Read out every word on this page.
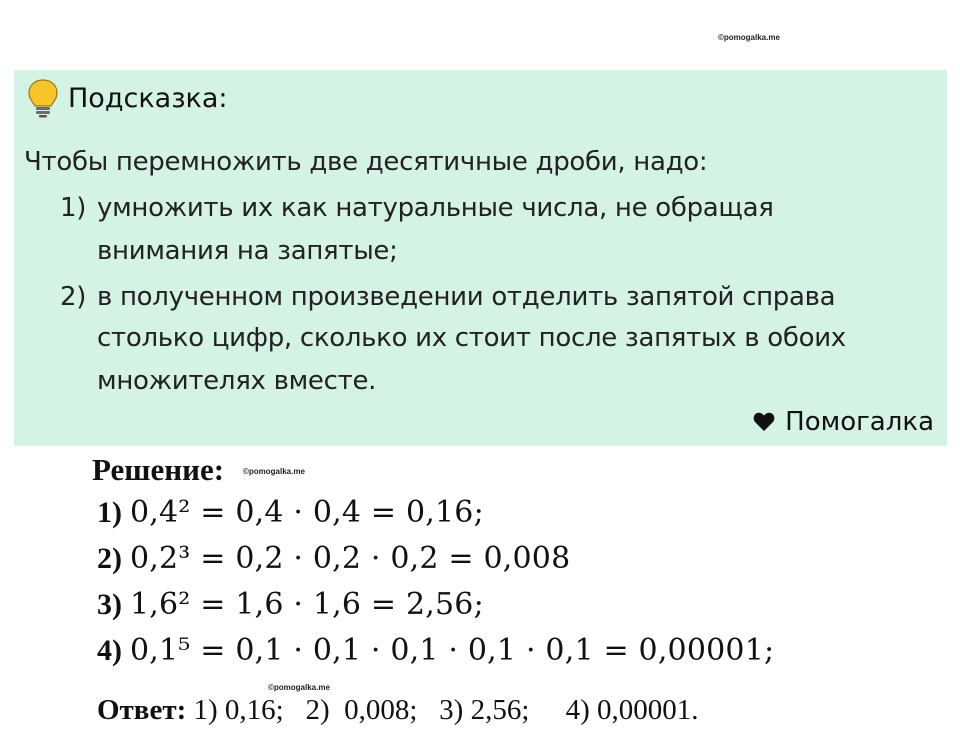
©pomogalka.me
Подсказка:
Чтобы перемножить две десятичные дроби, надо:
1) умножить их как натуральные числа, не обращая
внимания на запятые;
2) в полученном произведении отделить запятой справа
столько цифр, сколько их стоит после запятых в обоих
множителях вместе.
Помогалка
Решение: ©pomogalka.me
1) 0,4² = 0,4 · 0,4 = 0,16;
2) 0,2³ = 0,2 · 0,2 · 0,2 = 0,008
3) 1,6² = 1,6 · 1,6 = 2,56;
4) 0,1⁵ = 0,1 · 0,1 · 0,1 · 0,1 · 0,1 = 0,00001;
©pomogalka.me
Ответ: 1) 0,16;   2)  0,008;   3) 2,56;     4) 0,00001.
